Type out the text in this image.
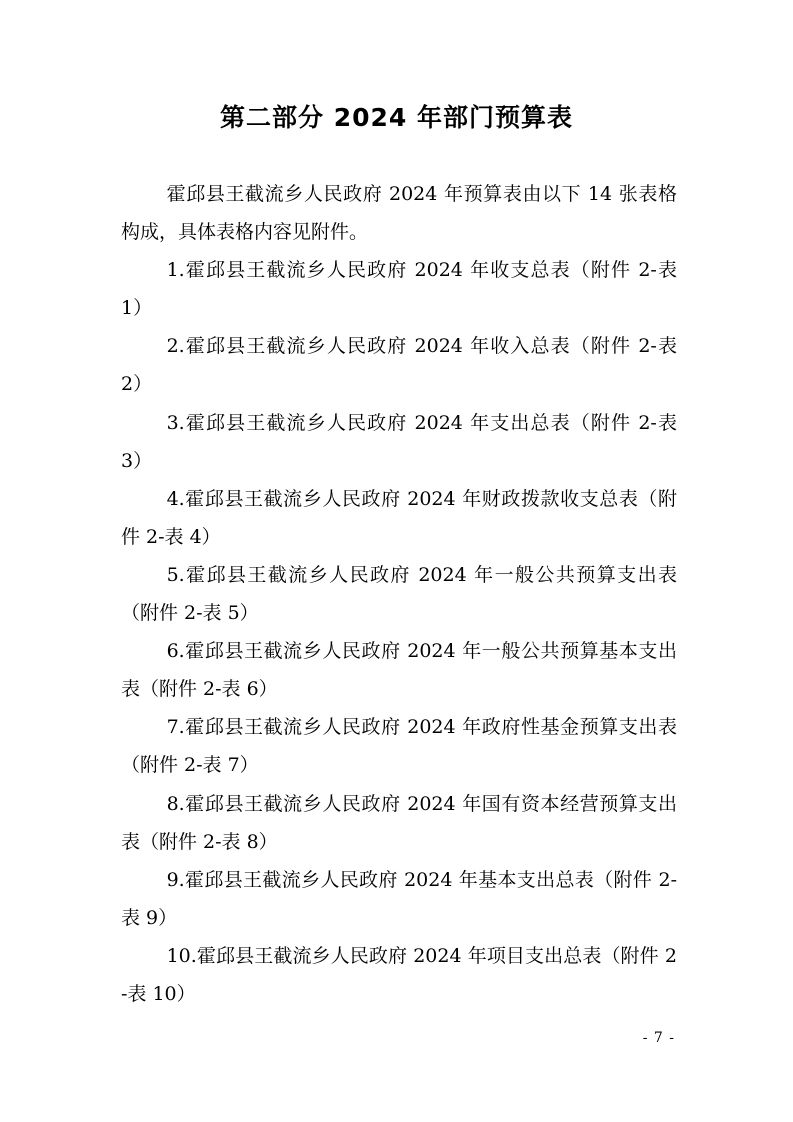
第二部分 2024 年部门预算表

霍邱县王截流乡人民政府 2024 年预算表由以下 14 张表格构成，具体表格内容见附件。

1.霍邱县王截流乡人民政府 2024 年收支总表（附件 2-表 1）

2.霍邱县王截流乡人民政府 2024 年收入总表（附件 2-表 2）

3.霍邱县王截流乡人民政府 2024 年支出总表（附件 2-表 3）

4.霍邱县王截流乡人民政府 2024 年财政拨款收支总表（附件 2-表 4）

5.霍邱县王截流乡人民政府 2024 年一般公共预算支出表（附件 2-表 5）

6.霍邱县王截流乡人民政府 2024 年一般公共预算基本支出表（附件 2-表 6）

7.霍邱县王截流乡人民政府 2024 年政府性基金预算支出表（附件 2-表 7）

8.霍邱县王截流乡人民政府 2024 年国有资本经营预算支出表（附件 2-表 8）

9.霍邱县王截流乡人民政府 2024 年基本支出总表（附件 2-表 9）

10.霍邱县王截流乡人民政府 2024 年项目支出总表（附件 2-表 10）

- 7 -
